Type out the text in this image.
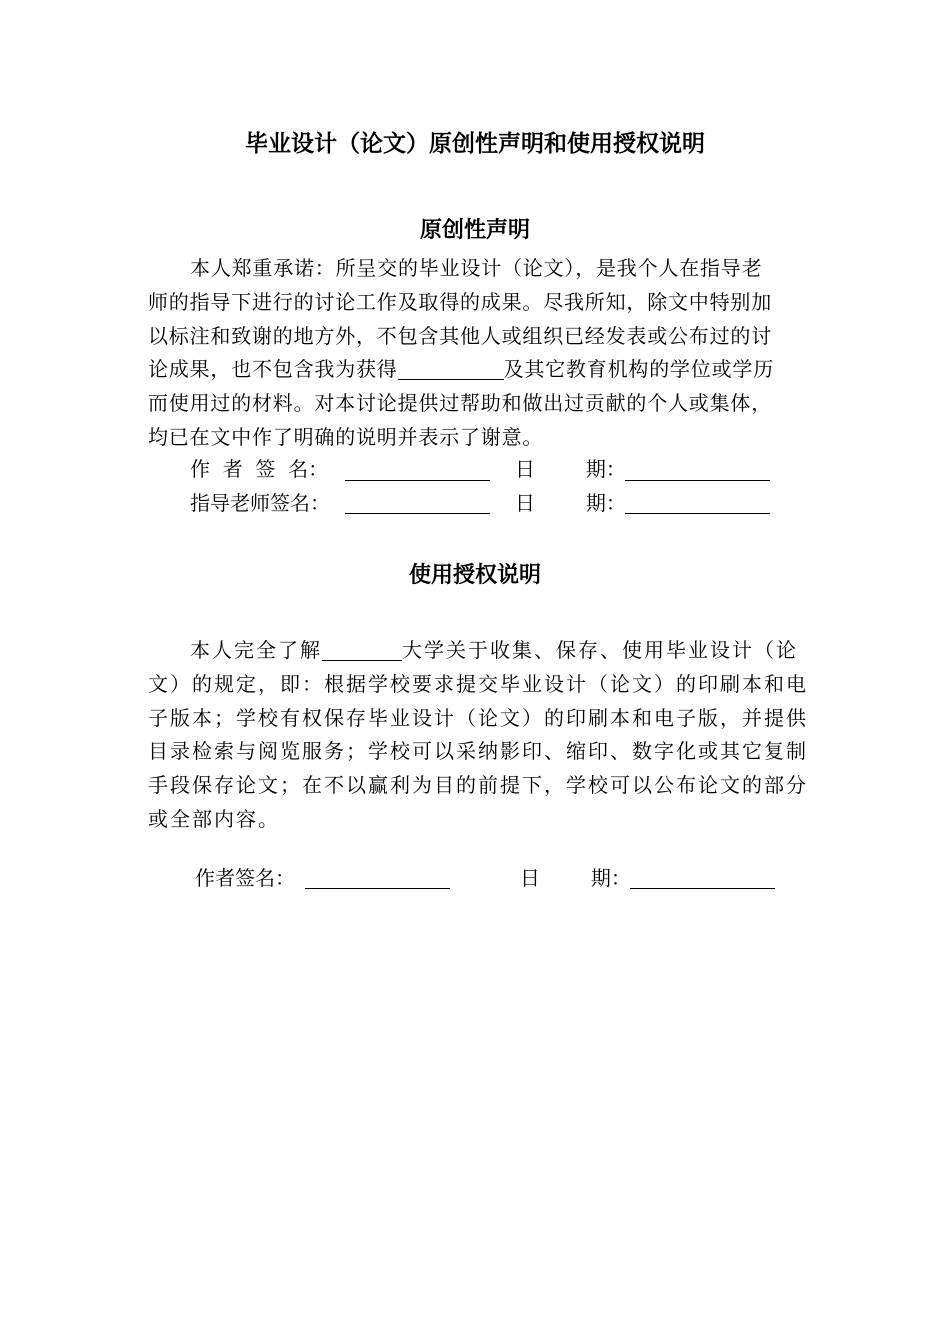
毕业设计（论文）原创性声明和使用授权说明
原创性声明
本人郑重承诺：所呈交的毕业设计（论文），是我个人在指导老
师的指导下进行的讨论工作及取得的成果。尽我所知，除文中特别加
以标注和致谢的地方外，不包含其他人或组织已经发表或公布过的讨
论成果，也不包含我为获得	及其它教育机构的学位或学历
而使用过的材料。对本讨论提供过帮助和做出过贡献的个人或集体，
均已在文中作了明确的说明并表示了谢意。
作  者  签  名：	日        期：
指导老师签名：	日        期：
使用授权说明
本人完全了解	大学关于收集、保存、使用毕业设计（论
文）的规定，即：根据学校要求提交毕业设计（论文）的印刷本和电
子版本；学校有权保存毕业设计（论文）的印刷本和电子版，并提供
目录检索与阅览服务；学校可以采纳影印、缩印、数字化或其它复制
手段保存论文；在不以赢利为目的前提下，学校可以公布论文的部分
或全部内容。
作者签名：	日        期：
